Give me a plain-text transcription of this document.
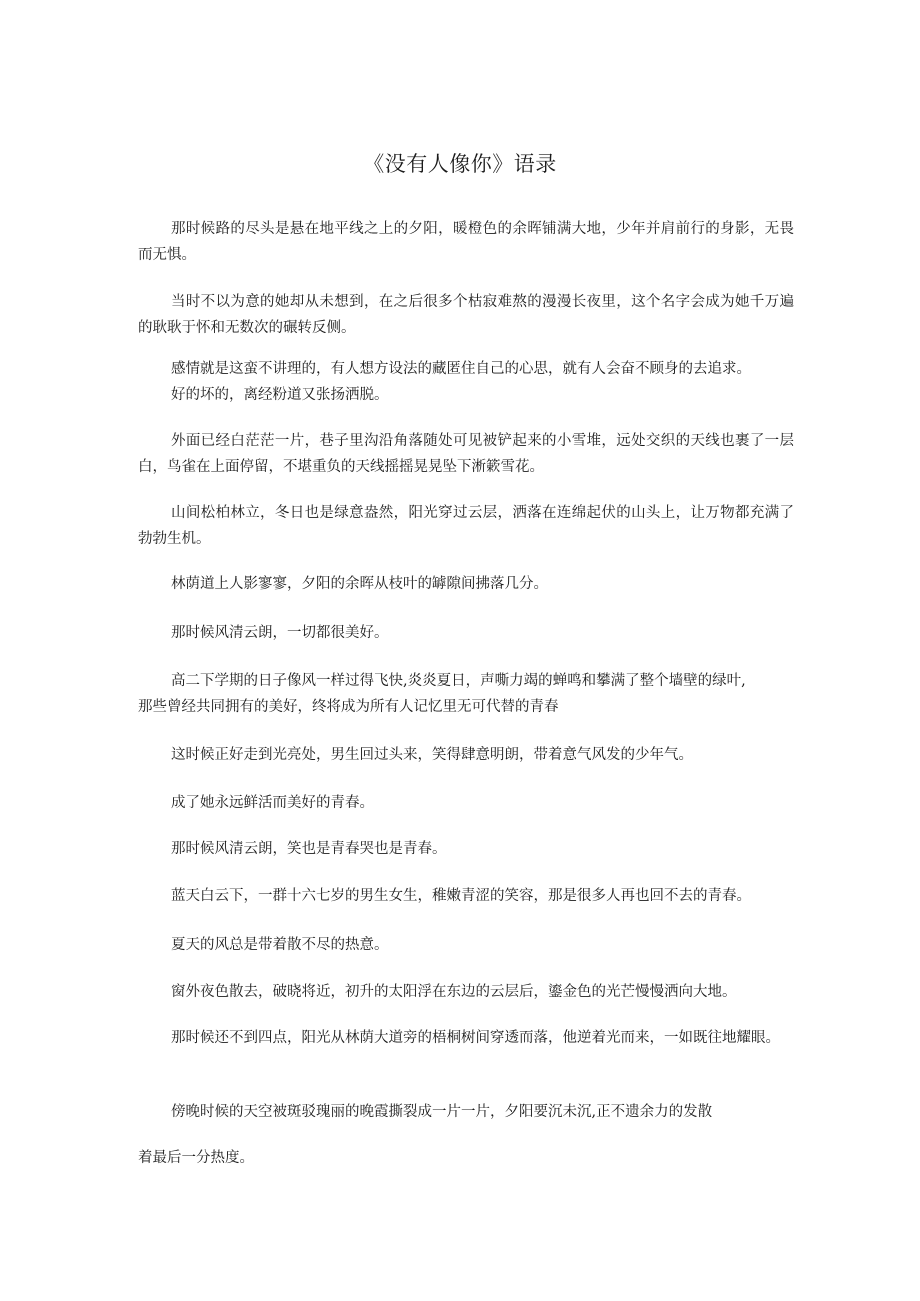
《没有人像你》语录

那时候路的尽头是悬在地平线之上的夕阳，暖橙色的余晖铺满大地，少年并肩前行的身影，无畏而无惧。

当时不以为意的她却从未想到，在之后很多个枯寂难熬的漫漫长夜里，这个名字会成为她千万遍的耿耿于怀和无数次的碾转反侧。

感情就是这蛮不讲理的，有人想方设法的藏匿住自己的心思，就有人会奋不顾身的去追求。

好的坏的，离经粉道又张扬洒脱。

外面已经白茫茫一片，巷子里沟沿角落随处可见被铲起来的小雪堆，远处交织的天线也裹了一层白，鸟雀在上面停留，不堪重负的天线摇摇晃晃坠下淅簌雪花。

山间松柏林立，冬日也是绿意盎然，阳光穿过云层，洒落在连绵起伏的山头上，让万物都充满了勃勃生机。

林荫道上人影寥寥，夕阳的余晖从枝叶的罅隙间拂落几分。

那时候风清云朗，一切都很美好。

高二下学期的日子像风一样过得飞快,炎炎夏日，声嘶力竭的蝉鸣和攀满了整个墙壁的绿叶,

那些曾经共同拥有的美好，终将成为所有人记忆里无可代替的青春

这时候正好走到光亮处，男生回过头来，笑得肆意明朗，带着意气风发的少年气。

成了她永远鲜活而美好的青春。

那时候风清云朗，笑也是青春哭也是青春。

蓝天白云下，一群十六七岁的男生女生，稚嫩青涩的笑容，那是很多人再也回不去的青春。

夏天的风总是带着散不尽的热意。

窗外夜色散去，破晓将近，初升的太阳浮在东边的云层后，鎏金色的光芒慢慢洒向大地。

那时候还不到四点，阳光从林荫大道旁的梧桐树间穿透而落，他逆着光而来，一如既往地耀眼。

傍晚时候的天空被斑驳瑰丽的晚霞撕裂成一片一片，夕阳要沉未沉,正不遗余力的发散

着最后一分热度。
